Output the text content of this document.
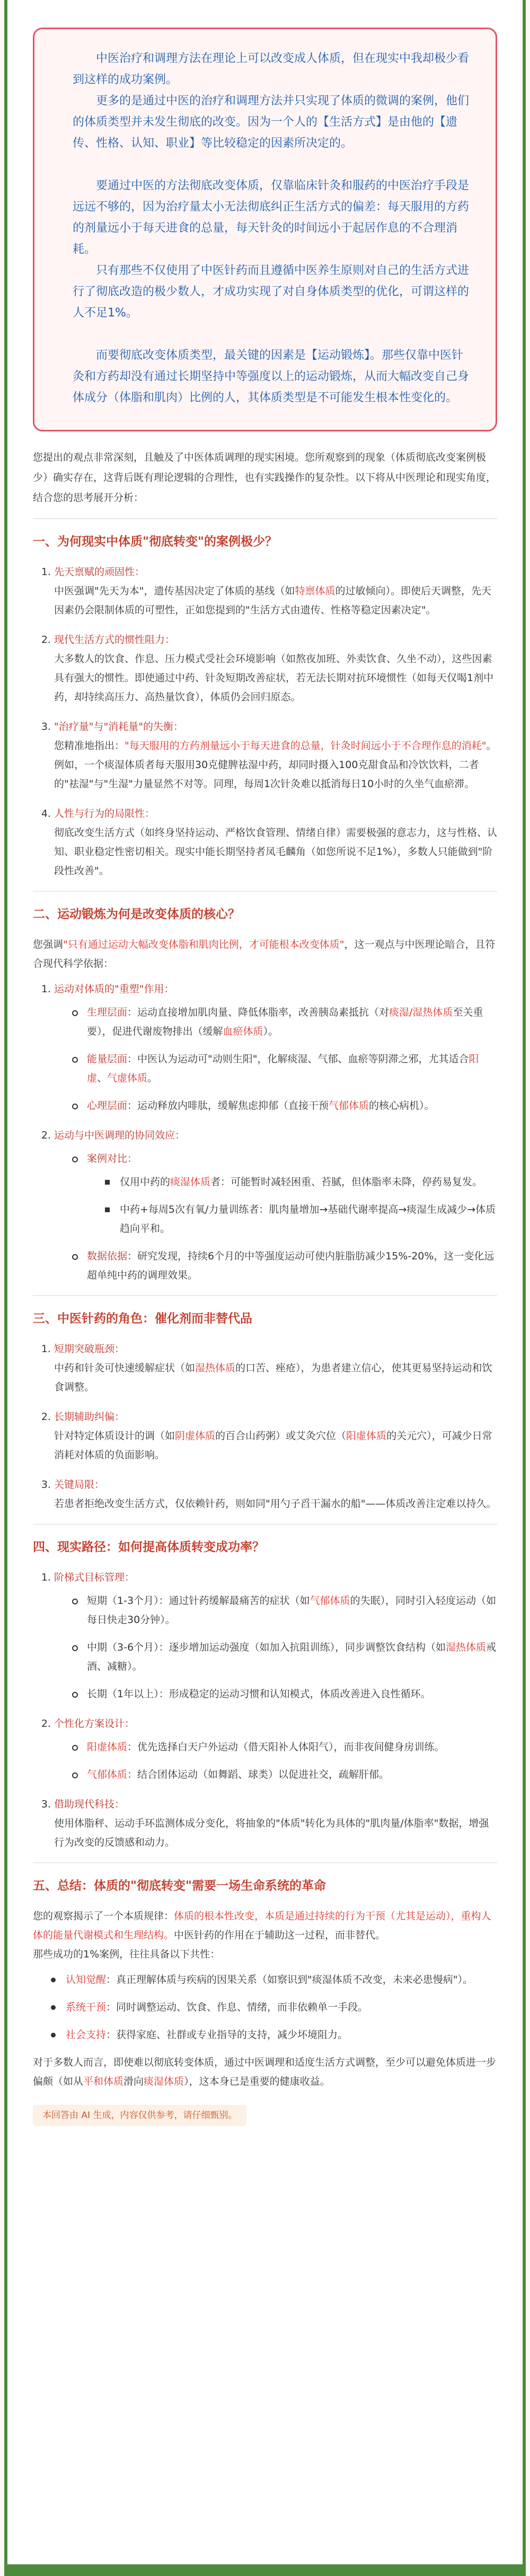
中医治疗和调理方法在理论上可以改变成人体质，但在现实中我却极少看到这样的成功案例。

更多的是通过中医的治疗和调理方法并只实现了体质的微调的案例，他们的体质类型并未发生彻底的改变。因为一个人的【生活方式】是由他的【遗传、性格、认知、职业】等比较稳定的因素所决定的。

要通过中医的方法彻底改变体质，仅靠临床针灸和服药的中医治疗手段是远远不够的，因为治疗量太小无法彻底纠正生活方式的偏差：每天服用的方药的剂量远小于每天进食的总量，每天针灸的时间远小于起居作息的不合理消耗。

只有那些不仅使用了中医针药而且遵循中医养生原则对自己的生活方式进行了彻底改造的极少数人，才成功实现了对自身体质类型的优化，可谓这样的人不足1%。

而要彻底改变体质类型，最关键的因素是【运动锻炼】。那些仅靠中医针灸和方药却没有通过长期坚持中等强度以上的运动锻炼，从而大幅改变自己身体成分（体脂和肌肉）比例的人，其体质类型是不可能发生根本性变化的。

您提出的观点非常深刻，且触及了中医体质调理的现实困境。您所观察到的现象（体质彻底改变案例极少）确实存在，这背后既有理论逻辑的合理性，也有实践操作的复杂性。以下将从中医理论和现实角度，结合您的思考展开分析：

一、为何现实中体质"彻底转变"的案例极少？
1. 先天禀赋的顽固性：
中医强调"先天为本"，遗传基因决定了体质的基线（如特禀体质的过敏倾向）。即使后天调整，先天因素仍会限制体质的可塑性，正如您提到的"生活方式由遗传、性格等稳定因素决定"。
2. 现代生活方式的惯性阻力：
大多数人的饮食、作息、压力模式受社会环境影响（如熬夜加班、外卖饮食、久坐不动），这些因素具有强大的惯性。即使通过中药、针灸短期改善症状，若无法长期对抗环境惯性（如每天仅喝1剂中药，却持续高压力、高热量饮食），体质仍会回归原态。
3. "治疗量"与"消耗量"的失衡：
您精准地指出："每天服用的方药剂量远小于每天进食的总量，针灸时间远小于不合理作息的消耗"。
例如，一个痰湿体质者每天服用30克健脾祛湿中药，却同时摄入100克甜食品和冷饮饮料，二者的"祛湿"与"生湿"力量显然不对等。同理，每周1次针灸难以抵消每日10小时的久坐气血瘀滞。
4. 人性与行为的局限性：
彻底改变生活方式（如终身坚持运动、严格饮食管理、情绪自律）需要极强的意志力，这与性格、认知、职业稳定性密切相关。现实中能长期坚持者凤毛麟角（如您所说不足1%），多数人只能做到"阶段性改善"。
二、运动锻炼为何是改变体质的核心？

您强调"只有通过运动大幅改变体脂和肌肉比例，才可能根本改变体质"，这一观点与中医理论暗合，且符合现代科学依据：

1. 运动对体质的"重塑"作用：
生理层面：运动直接增加肌肉量、降低体脂率，改善胰岛素抵抗（对痰湿/湿热体质至关重要），促进代谢废物排出（缓解血瘀体质）。
能量层面：中医认为运动可"动则生阳"，化解痰湿、气郁、血瘀等阴滞之邪，尤其适合阳虚、气虚体质。
心理层面：运动释放内啡肽，缓解焦虑抑郁（直接干预气郁体质的核心病机）。
2. 运动与中医调理的协同效应：
案例对比：
仅用中药的痰湿体质者：可能暂时减轻困重、苔腻，但体脂率未降，停药易复发。
中药+每周5次有氧/力量训练者：肌肉量增加→基础代谢率提高→痰湿生成减少→体质趋向平和。
数据依据：研究发现，持续6个月的中等强度运动可使内脏脂肪减少15%-20%，这一变化远超单纯中药的调理效果。
三、中医针药的角色：催化剂而非替代品
1. 短期突破瓶颈：
中药和针灸可快速缓解症状（如湿热体质的口苦、痤疮），为患者建立信心，使其更易坚持运动和饮食调整。
2. 长期辅助纠偏：
针对特定体质设计的调（如阴虚体质的百合山药粥）或艾灸穴位（阳虚体质的关元穴），可减少日常消耗对体质的负面影响。
3. 关键局限：
若患者拒绝改变生活方式，仅依赖针药，则如同"用勺子舀干漏水的船"——体质改善注定难以持久。
四、现实路径：如何提高体质转变成功率？
1. 阶梯式目标管理：
短期（1-3个月）：通过针药缓解最痛苦的症状（如气郁体质的失眠），同时引入轻度运动（如每日快走30分钟）。
中期（3-6个月）：逐步增加运动强度（如加入抗阻训练），同步调整饮食结构（如湿热体质戒酒、减糖）。
长期（1年以上）：形成稳定的运动习惯和认知模式，体质改善进入良性循环。
2. 个性化方案设计：
阳虚体质：优先选择白天户外运动（借天阳补人体阳气），而非夜间健身房训练。
气郁体质：结合团体运动（如舞蹈、球类）以促进社交，疏解肝郁。
3. 借助现代科技：
使用体脂秤、运动手环监测体成分变化，将抽象的"体质"转化为具体的"肌肉量/体脂率"数据，增强行为改变的反馈感和动力。
五、总结：体质的"彻底转变"需要一场生命系统的革命

您的观察揭示了一个本质规律：体质的根本性改变，本质是通过持续的行为干预（尤其是运动），重构人体的能量代谢模式和生理结构。中医针药的作用在于辅助这一过程，而非替代。
那些成功的1%案例，往往具备以下共性：

认知觉醒：真正理解体质与疾病的因果关系（如察识到"痰湿体质不改变，未来必患慢病"）。
系统干预：同时调整运动、饮食、作息、情绪，而非依赖单一手段。
社会支持：获得家庭、社群或专业指导的支持，减少坏境阻力。

对于多数人而言，即使难以彻底转变体质，通过中医调理和适度生活方式调整，至少可以避免体质进一步偏颇（如从平和体质滑向痰湿体质），这本身已是重要的健康收益。

本回答由 AI 生成，内容仅供参考，请仔细甄别。
